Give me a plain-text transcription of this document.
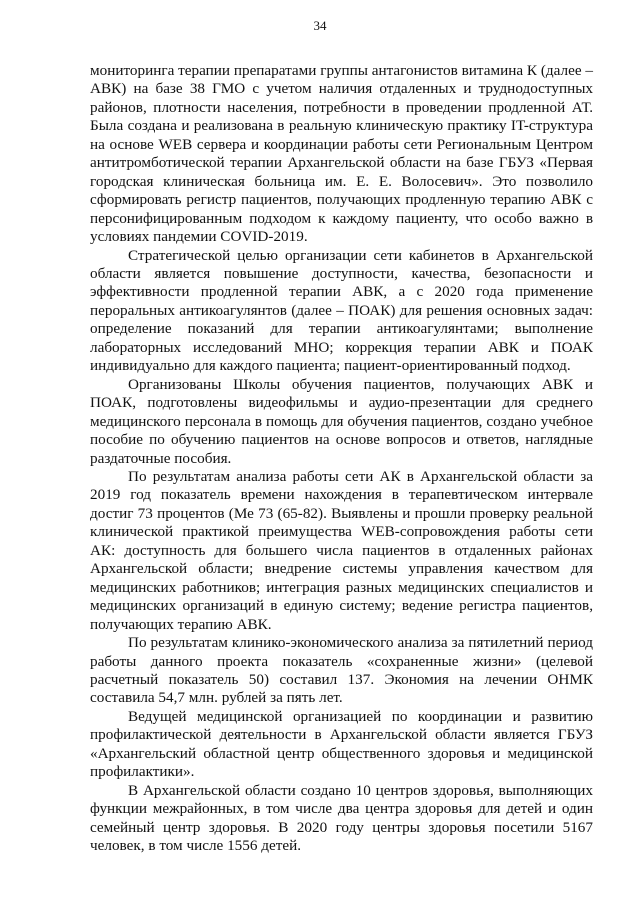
34

мониторинга терапии препаратами группы антагонистов витамина К (далее – АВК) на базе 38 ГМО с учетом наличия отдаленных и труднодоступных районов, плотности населения, потребности в проведении продленной АТ. Была создана и реализована в реальную клиническую практику IT-структура на основе WEB сервера и координации работы сети Региональным Центром антитромботической терапии Архангельской области на базе ГБУЗ «Первая городская клиническая больница им. Е. Е. Волосевич». Это позволило сформировать регистр пациентов, получающих продленную терапию АВК с персонифицированным подходом к каждому пациенту, что особо важно в условиях пандемии COVID-2019.

Стратегической целью организации сети кабинетов в Архангельской области является повышение доступности, качества, безопасности и эффективности продленной терапии АВК, а с 2020 года применение пероральных антикоагулянтов (далее – ПОАК) для решения основных задач: определение показаний для терапии антикоагулянтами; выполнение лабораторных исследований МНО; коррекция терапии АВК и ПОАК индивидуально для каждого пациента; пациент-ориентированный подход.

Организованы Школы обучения пациентов, получающих АВК и ПОАК, подготовлены видеофильмы и аудио-презентации для среднего медицинского персонала в помощь для обучения пациентов, создано учебное пособие по обучению пациентов на основе вопросов и ответов, наглядные раздаточные пособия.

По результатам анализа работы сети АК в Архангельской области за 2019 год показатель времени нахождения в терапевтическом интервале достиг 73 процентов (Ме 73 (65-82). Выявлены и прошли проверку реальной клинической практикой преимущества WEB-сопровождения работы сети АК: доступность для большего числа пациентов в отдаленных районах Архангельской области; внедрение системы управления качеством для медицинских работников; интеграция разных медицинских специалистов и медицинских организаций в единую систему; ведение регистра пациентов, получающих терапию АВК.

По результатам клинико-экономического анализа за пятилетний период работы данного проекта показатель «сохраненные жизни» (целевой расчетный показатель 50) составил 137. Экономия на лечении ОНМК составила 54,7 млн. рублей за пять лет.

Ведущей медицинской организацией по координации и развитию профилактической деятельности в Архангельской области является ГБУЗ «Архангельский областной центр общественного здоровья и медицинской профилактики».

В Архангельской области создано 10 центров здоровья, выполняющих функции межрайонных, в том числе два центра здоровья для детей и один семейный центр здоровья. В 2020 году центры здоровья посетили 5167 человек, в том числе 1556 детей.
